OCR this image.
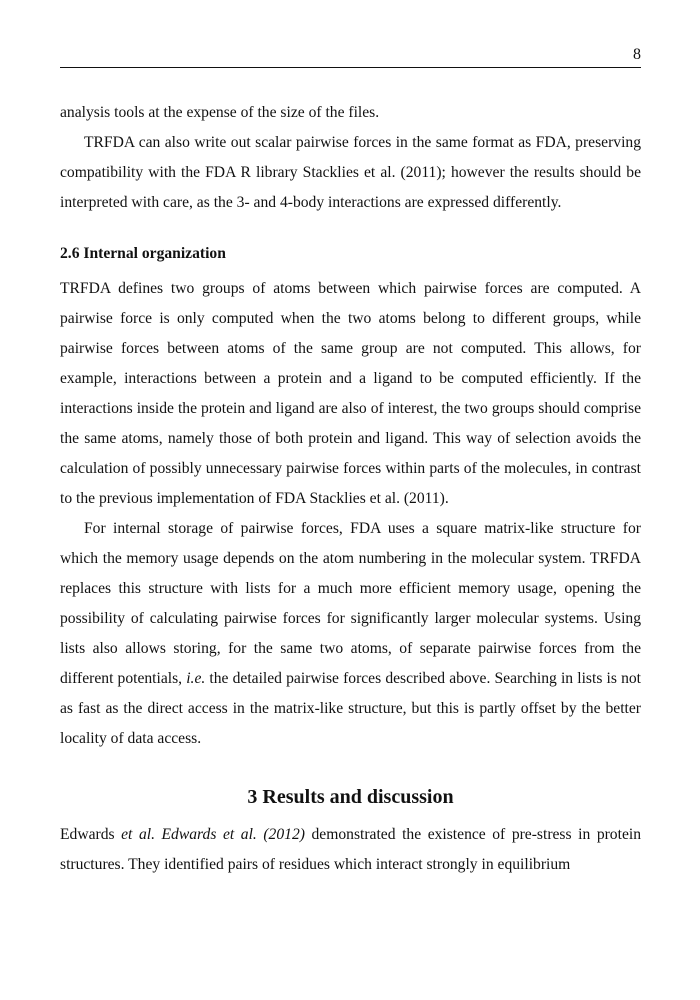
8

analysis tools at the expense of the size of the files.

TRFDA can also write out scalar pairwise forces in the same format as FDA, preserving compatibility with the FDA R library Stacklies et al. (2011); however the results should be interpreted with care, as the 3- and 4-body interactions are expressed differently.

2.6 Internal organization

TRFDA defines two groups of atoms between which pairwise forces are computed. A pairwise force is only computed when the two atoms belong to different groups, while pairwise forces between atoms of the same group are not computed. This allows, for example, interactions between a protein and a ligand to be computed efficiently. If the interactions inside the protein and ligand are also of interest, the two groups should comprise the same atoms, namely those of both protein and ligand. This way of selection avoids the calculation of possibly unnecessary pairwise forces within parts of the molecules, in contrast to the previous implementation of FDA Stacklies et al. (2011).

For internal storage of pairwise forces, FDA uses a square matrix-like structure for which the memory usage depends on the atom numbering in the molecular system. TRFDA replaces this structure with lists for a much more efficient memory usage, opening the possibility of calculating pairwise forces for significantly larger molecular systems. Using lists also allows storing, for the same two atoms, of separate pairwise forces from the different potentials, i.e. the detailed pairwise forces described above. Searching in lists is not as fast as the direct access in the matrix-like structure, but this is partly offset by the better locality of data access.

3 Results and discussion

Edwards et al. Edwards et al. (2012) demonstrated the existence of pre-stress in protein structures. They identified pairs of residues which interact strongly in equilibrium
